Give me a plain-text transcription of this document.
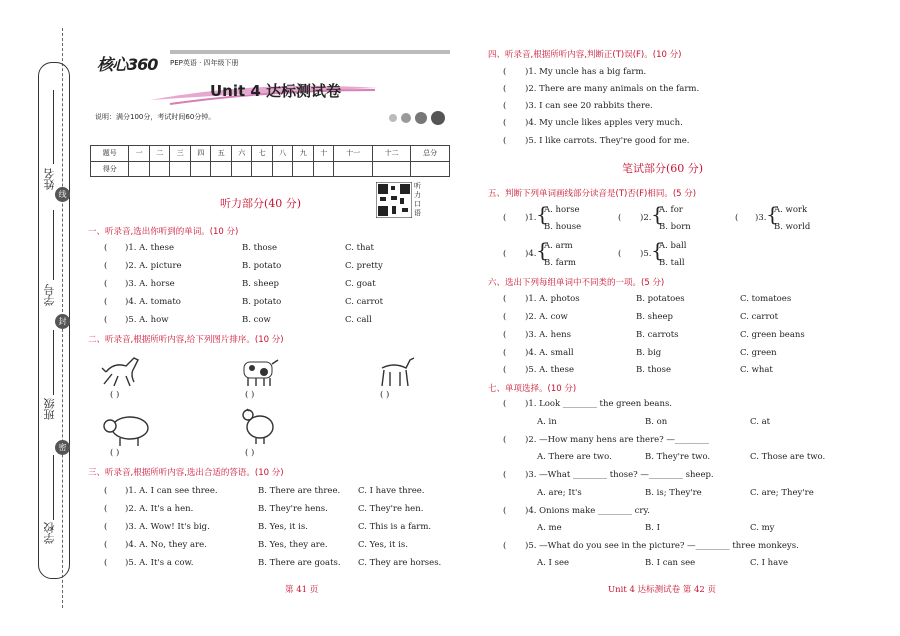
学校
班级
学号
姓名
密
封
线
核心360 PEP英语 · 四年级下册
Unit 4 达标测试卷
说明：满分100分，考试时间60分钟。
题号	一	二	三	四	五	六	七	八	九	十	十一	十二	总分
得分													
听力口语
听力部分(40 分)
一、听录音,选出你听到的单词。(10 分)
( )1. A. these	B. those	C. that
( )2. A. picture	B. potato	C. pretty
( )3. A. horse	B. sheep	C. goat
( )4. A. tomato	B. potato	C. carrot
( )5. A. how	B. cow	C. call
二、听录音,根据所听内容,给下列图片排序。(10 分)
( )	( )	( )
( )	( )
三、听录音,根据所听内容,选出合适的答语。(10 分)
( )1. A. I can see three.	B. There are three. C. I have three.
( )2. A. It's a hen.	B. They're hens.	C. They're hen.
( )3. A. Wow! It's big.	B. Yes, it is.	C. This is a farm.
( )4. A. No, they are.	B. Yes, they are.	C. Yes, it is.
( )5. A. It's a cow.	B. There are goats. C. They are horses.
第 41 页
四、听录音,根据所听内容,判断正(T)误(F)。(10 分)
( )1. My uncle has a big farm.
( )2. There are many animals on the farm.
( )3. I can see 20 rabbits there.
( )4. My uncle likes apples very much.
( )5. I like carrots. They're good for me.
笔试部分(60 分)
五、判断下列单词画线部分读音是(T)否(F)相同。(5 分)
( )1. {
A. horse
B. house
( )2. {
A. for
B. born
( )3. {
A. work
B. world
( )4. {
A. arm
B. farm
( )5. {
A. ball
B. tall
六、选出下列每组单词中不同类的一项。(5 分)
( )1. A. photos	B. potatoes	C. tomatoes
( )2. A. cow	B. sheep	C. carrot
( )3. A. hens	B. carrots	C. green beans
( )4. A. small	B. big	C. green
( )5. A. these	B. those	C. what
七、单项选择。(10 分)
( )1. Look ________ the green beans.
A. in	B. on	C. at
( )2. —How many hens are there? —________
A. There are two.	B. They're two.	C. Those are two.
( )3. —What ________ those? —________ sheep.
A. are; It's	B. is; They're	C. are; They're
( )4. Onions make ________ cry.
A. me	B. I	C. my
( )5. —What do you see in the picture? —________ three monkeys.
A. I see	B. I can see	C. I have
Unit 4 达标测试卷 第 42 页
